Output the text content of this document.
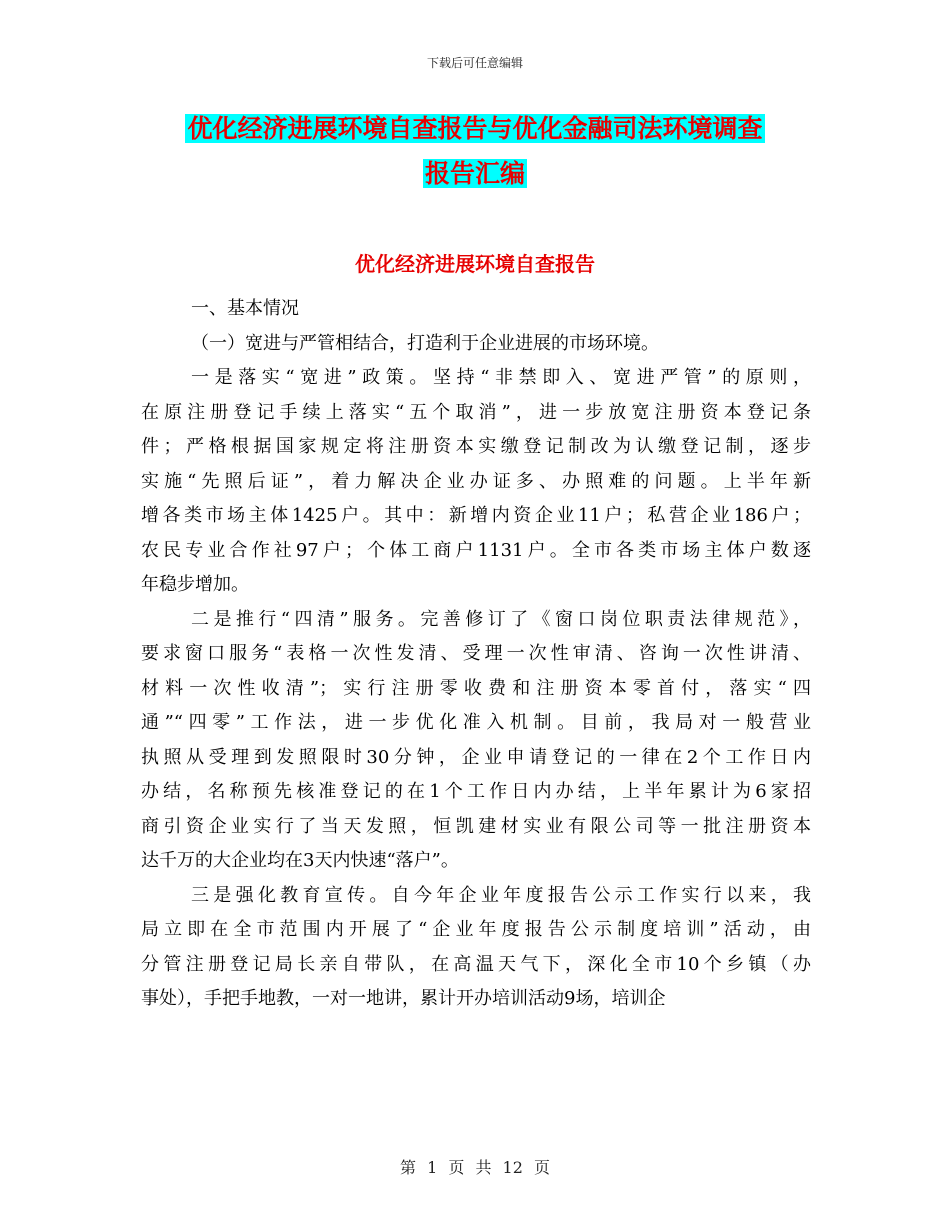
下载后可任意编辑
优化经济进展环境自查报告与优化金融司法环境调查
报告汇编
优化经济进展环境自查报告
一、基本情况
（一）宽进与严管相结合，打造利于企业进展的市场环境。
一是落实“宽进”政策。坚持“非禁即入、宽进严管”的原则，
在原注册登记手续上落实“五个取消”，进一步放宽注册资本登记条
件；严格根据国家规定将注册资本实缴登记制改为认缴登记制，逐步
实施“先照后证”，着力解决企业办证多、办照难的问题。上半年新
增各类市场主体1425户。其中：新增内资企业11户；私营企业186户；
农民专业合作社97户；个体工商户1131户。全市各类市场主体户数逐
年稳步增加。
二是推行“四清”服务。完善修订了《窗口岗位职责法律规范》，
要求窗口服务“表格一次性发清、受理一次性审清、咨询一次性讲清、
材料一次性收清”；实行注册零收费和注册资本零首付，落实“四
通”“四零”工作法，进一步优化准入机制。目前，我局对一般营业
执照从受理到发照限时30分钟，企业申请登记的一律在2个工作日内
办结，名称预先核准登记的在1个工作日内办结，上半年累计为6家招
商引资企业实行了当天发照，恒凯建材实业有限公司等一批注册资本
达千万的大企业均在3天内快速“落户”。
三是强化教育宣传。自今年企业年度报告公示工作实行以来，我
局立即在全市范围内开展了“企业年度报告公示制度培训”活动，由
分管注册登记局长亲自带队，在高温天气下，深化全市10个乡镇（办
事处），手把手地教，一对一地讲，累计开办培训活动9场，培训企
第 1 页 共 12 页
